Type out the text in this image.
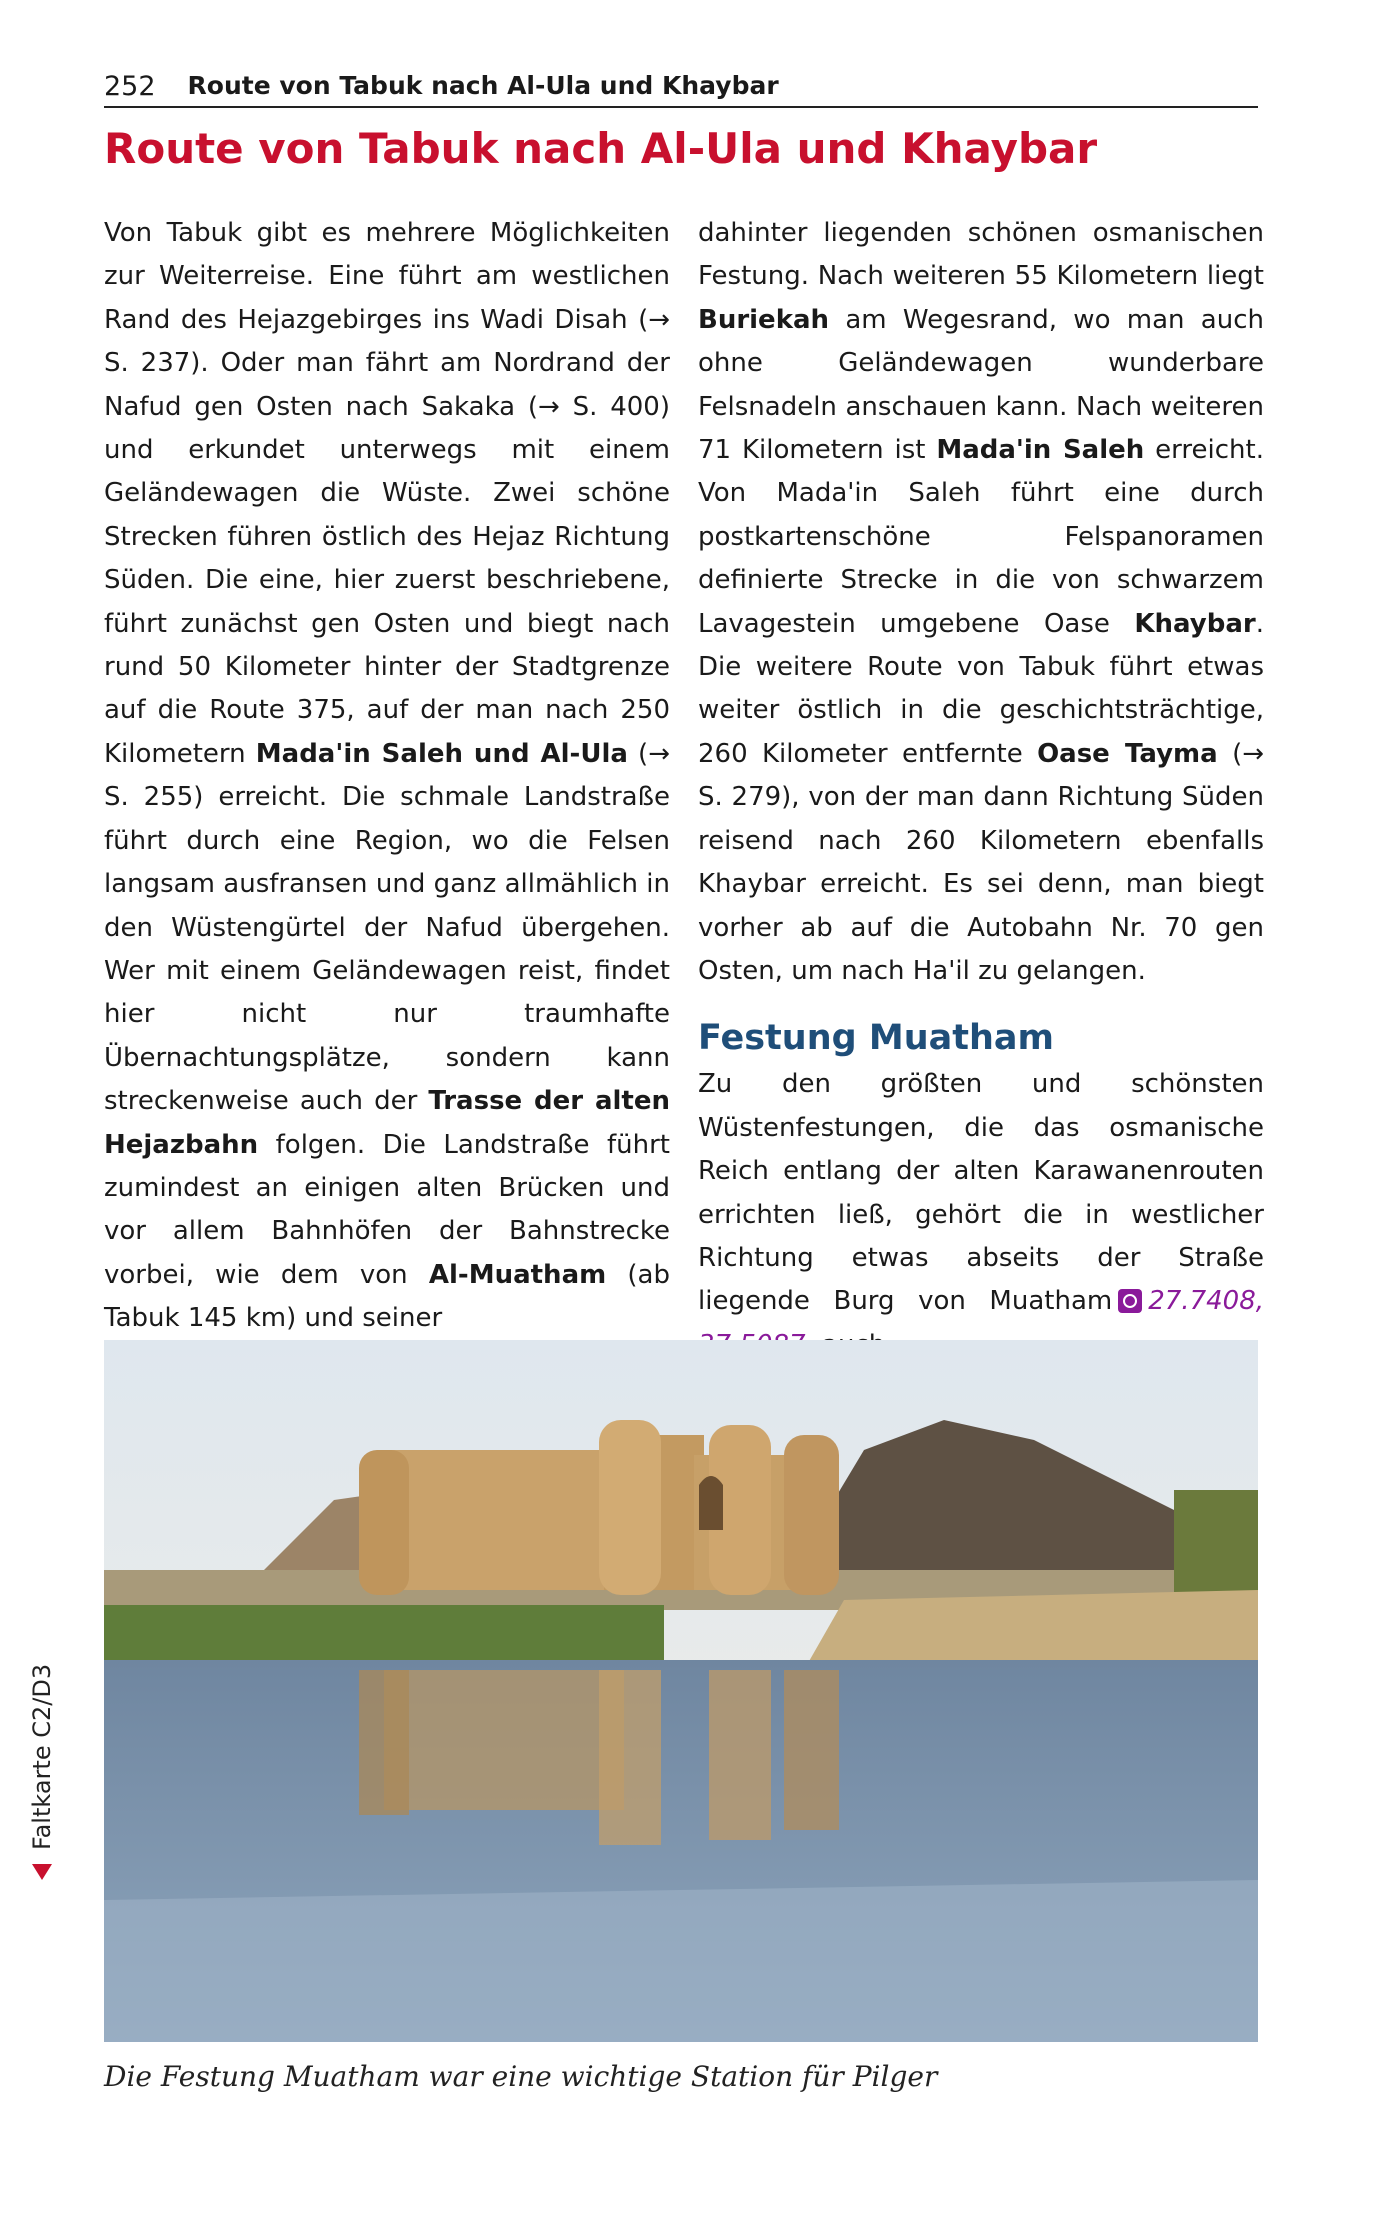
252 Route von Tabuk nach Al-Ula und Khaybar
Route von Tabuk nach Al-Ula und Khaybar

Von Tabuk gibt es mehrere Möglichkeiten zur Weiterreise. Eine führt am westlichen Rand des Hejazgebirges ins Wadi Disah (→ S. 237). Oder man fährt am Nordrand der Nafud gen Osten nach Sakaka (→ S. 400) und erkundet unterwegs mit einem Geländewagen die Wüste. Zwei schöne Strecken führen östlich des Hejaz Richtung Süden. Die eine, hier zuerst beschriebene, führt zunächst gen Osten und biegt nach rund 50 Kilometer hinter der Stadtgrenze auf die Route 375, auf der man nach 250 Kilometern Mada'in Saleh und Al-Ula (→ S. 255) erreicht. Die schmale Landstraße führt durch eine Region, wo die Felsen langsam ausfransen und ganz allmählich in den Wüstengürtel der Nafud übergehen. Wer mit einem Geländewagen reist, findet hier nicht nur traumhafte Übernachtungsplätze, sondern kann streckenweise auch der Trasse der alten Hejazbahn folgen. Die Landstraße führt zumindest an einigen alten Brücken und vor allem Bahnhöfen der Bahnstrecke vorbei, wie dem von Al-Muatham (ab Tabuk 145 km) und seiner

dahinter liegenden schönen osmanischen Festung. Nach weiteren 55 Kilometern liegt Buriekah am Wegesrand, wo man auch ohne Geländewagen wunderbare Felsnadeln anschauen kann. Nach weiteren 71 Kilometern ist Mada'in Saleh erreicht. Von Mada'in Saleh führt eine durch postkartenschöne Felspanoramen definierte Strecke in die von schwarzem Lavagestein umgebene Oase Khaybar. Die weitere Route von Tabuk führt etwas weiter östlich in die geschichtsträchtige, 260 Kilometer entfernte Oase Tayma (→ S. 279), von der man dann Richtung Süden reisend nach 260 Kilometern ebenfalls Khaybar erreicht. Es sei denn, man biegt vorher ab auf die Autobahn Nr. 70 gen Osten, um nach Ha'il zu gelangen.

Festung Muatham

Zu den größten und schönsten Wüstenfestungen, die das osmanische Reich entlang der alten Karawanenrouten errichten ließ, gehört die in westlicher Richtung etwas abseits der Straße liegende Burg von Muatham 27.7408,

Die Festung Muatham war eine wichtige Station für Pilger
Faltkarte C2/D3
